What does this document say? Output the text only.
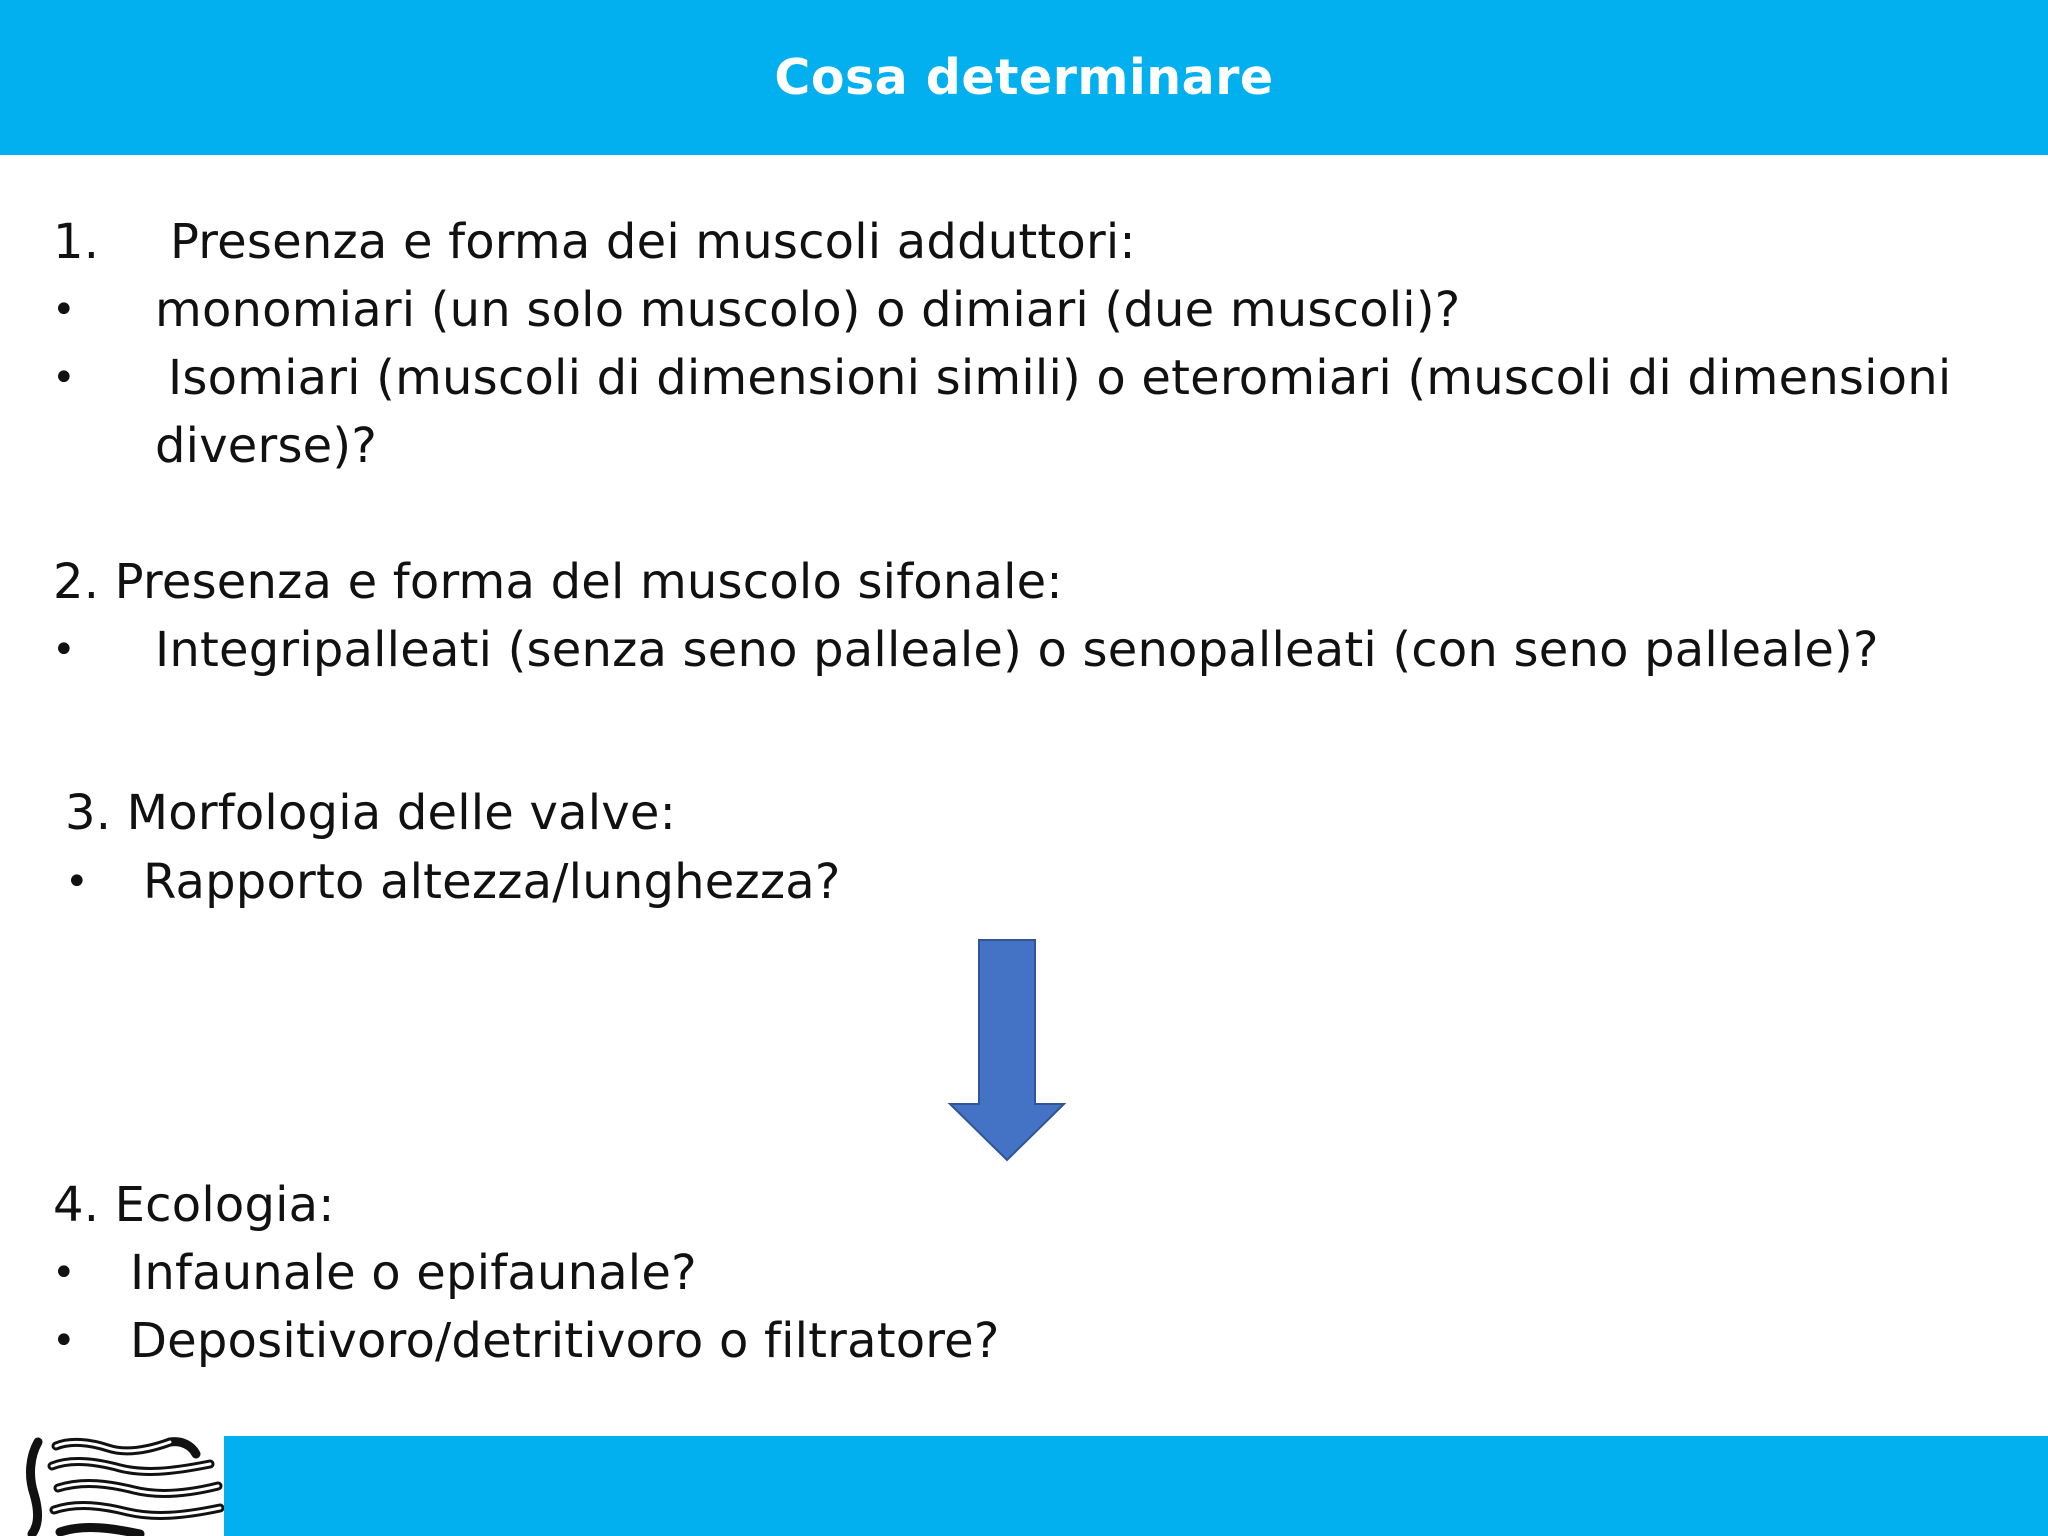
Cosa determinare
1. Presenza e forma dei muscoli adduttori:
• monomiari (un solo muscolo) o dimiari (due muscoli)?
• Isomiari (muscoli di dimensioni simili) o eteromiari (muscoli di dimensioni
diverse)?
2. Presenza e forma del muscolo sifonale:
• Integripalleati (senza seno palleale) o senopalleati (con seno palleale)?
3. Morfologia delle valve:
• Rapporto altezza/lunghezza?
4. Ecologia:
• Infaunale o epifaunale?
• Depositivoro/detritivoro o filtratore?
